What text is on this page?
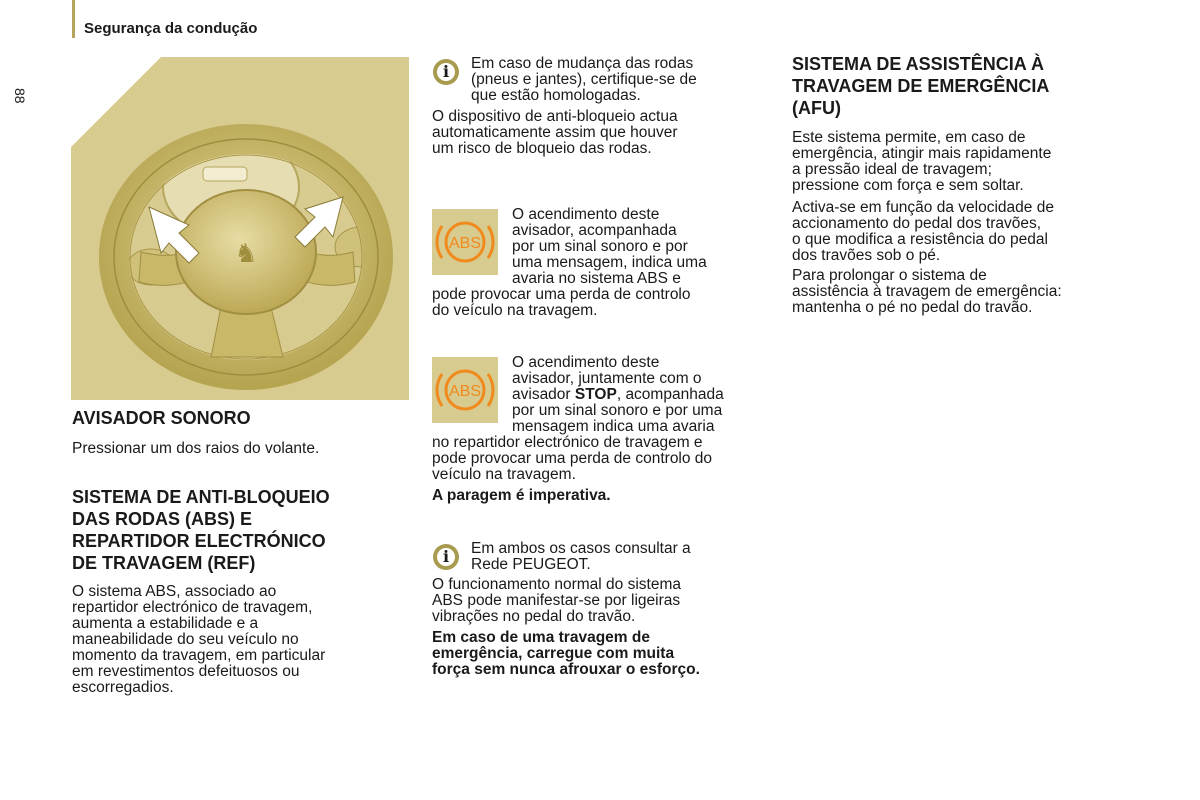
Segurança da condução
88
♞
AVISADOR SONORO

Pressionar um dos raios do volante.

SISTEMA DE ANTI-BLOQUEIO
DAS RODAS (ABS) E
REPARTIDOR ELECTRÓNICO
DE TRAVAGEM (REF)

O sistema ABS, associado ao
repartidor electrónico de travagem,
aumenta a estabilidade e a
maneabilidade do seu veículo no
momento da travagem, em particular
em revestimentos defeituosos ou
escorregadios.

i	Em caso de mudança das rodas
(pneus e jantes), certifique-se de
que estão homologadas.

O dispositivo de anti-bloqueio actua
automaticamente assim que houver
um risco de bloqueio das rodas.

ABS

O acendimento deste
avisador, acompanhada
por um sinal sonoro e por
uma mensagem, indica uma
avaria no sistema ABS e

pode provocar uma perda de controlo
do veículo na travagem.

ABS

O acendimento deste
avisador, juntamente com o
avisador STOP, acompanhada
por um sinal sonoro e por uma
mensagem indica uma avaria

no repartidor electrónico de travagem e
pode provocar uma perda de controlo do
veículo na travagem.

A paragem é imperativa.

i	Em ambos os casos consultar a
Rede PEUGEOT.

O funcionamento normal do sistema
ABS pode manifestar-se por ligeiras
vibrações no pedal do travão.

Em caso de uma travagem de
emergência, carregue com muita
força sem nunca afrouxar o esforço.

SISTEMA DE ASSISTÊNCIA À
TRAVAGEM DE EMERGÊNCIA
(AFU)

Este sistema permite, em caso de
emergência, atingir mais rapidamente
a pressão ideal de travagem;
pressione com força e sem soltar.

Activa-se em função da velocidade de
accionamento do pedal dos travões,
o que modifica a resistência do pedal
dos travões sob o pé.

Para prolongar o sistema de
assistência à travagem de emergência:
mantenha o pé no pedal do travão.
